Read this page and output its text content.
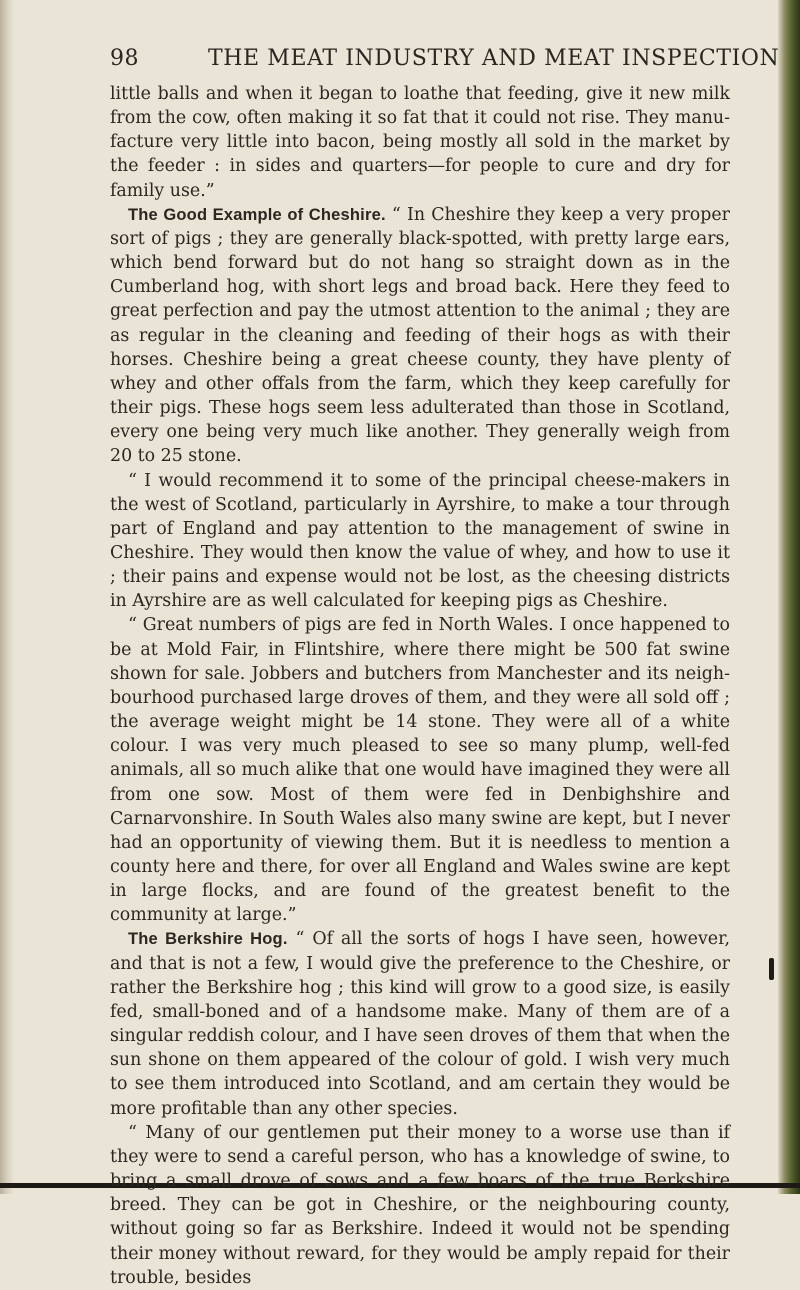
98	THE MEAT INDUSTRY AND MEAT INSPECTION

little balls and when it began to loathe that feeding, give it new milk from the cow, often making it so fat that it could not rise. They manu-facture very little into bacon, being mostly all sold in the market by the feeder : in sides and quarters—for people to cure and dry for family use.”

The Good Example of Cheshire. “ In Cheshire they keep a very proper sort of pigs ; they are generally black-spotted, with pretty large ears, which bend forward but do not hang so straight down as in the Cumberland hog, with short legs and broad back. Here they feed to great perfection and pay the utmost attention to the animal ; they are as regular in the cleaning and feeding of their hogs as with their horses. Cheshire being a great cheese county, they have plenty of whey and other offals from the farm, which they keep carefully for their pigs. These hogs seem less adulterated than those in Scotland, every one being very much like another. They generally weigh from 20 to 25 stone.

“ I would recommend it to some of the principal cheese-makers in the west of Scotland, particularly in Ayrshire, to make a tour through part of England and pay attention to the management of swine in Cheshire. They would then know the value of whey, and how to use it ; their pains and expense would not be lost, as the cheesing districts in Ayrshire are as well calculated for keeping pigs as Cheshire.

“ Great numbers of pigs are fed in North Wales. I once happened to be at Mold Fair, in Flintshire, where there might be 500 fat swine shown for sale. Jobbers and butchers from Manchester and its neigh-bourhood purchased large droves of them, and they were all sold off ; the average weight might be 14 stone. They were all of a white colour. I was very much pleased to see so many plump, well-fed animals, all so much alike that one would have imagined they were all from one sow. Most of them were fed in Denbighshire and Carnarvonshire. In South Wales also many swine are kept, but I never had an opportunity of viewing them. But it is needless to mention a county here and there, for over all England and Wales swine are kept in large flocks, and are found of the greatest benefit to the community at large.”

The Berkshire Hog. “ Of all the sorts of hogs I have seen, however, and that is not a few, I would give the preference to the Cheshire, or rather the Berkshire hog ; this kind will grow to a good size, is easily fed, small-boned and of a handsome make. Many of them are of a singular reddish colour, and I have seen droves of them that when the sun shone on them appeared of the colour of gold. I wish very much to see them introduced into Scotland, and am certain they would be more profitable than any other species.

“ Many of our gentlemen put their money to a worse use than if they were to send a careful person, who has a knowledge of swine, to bring a small drove of sows and a few boars of the true Berkshire breed. They can be got in Cheshire, or the neighbouring county, without going so far as Berkshire. Indeed it would not be spending their money without reward, for they would be amply repaid for their trouble, besides
